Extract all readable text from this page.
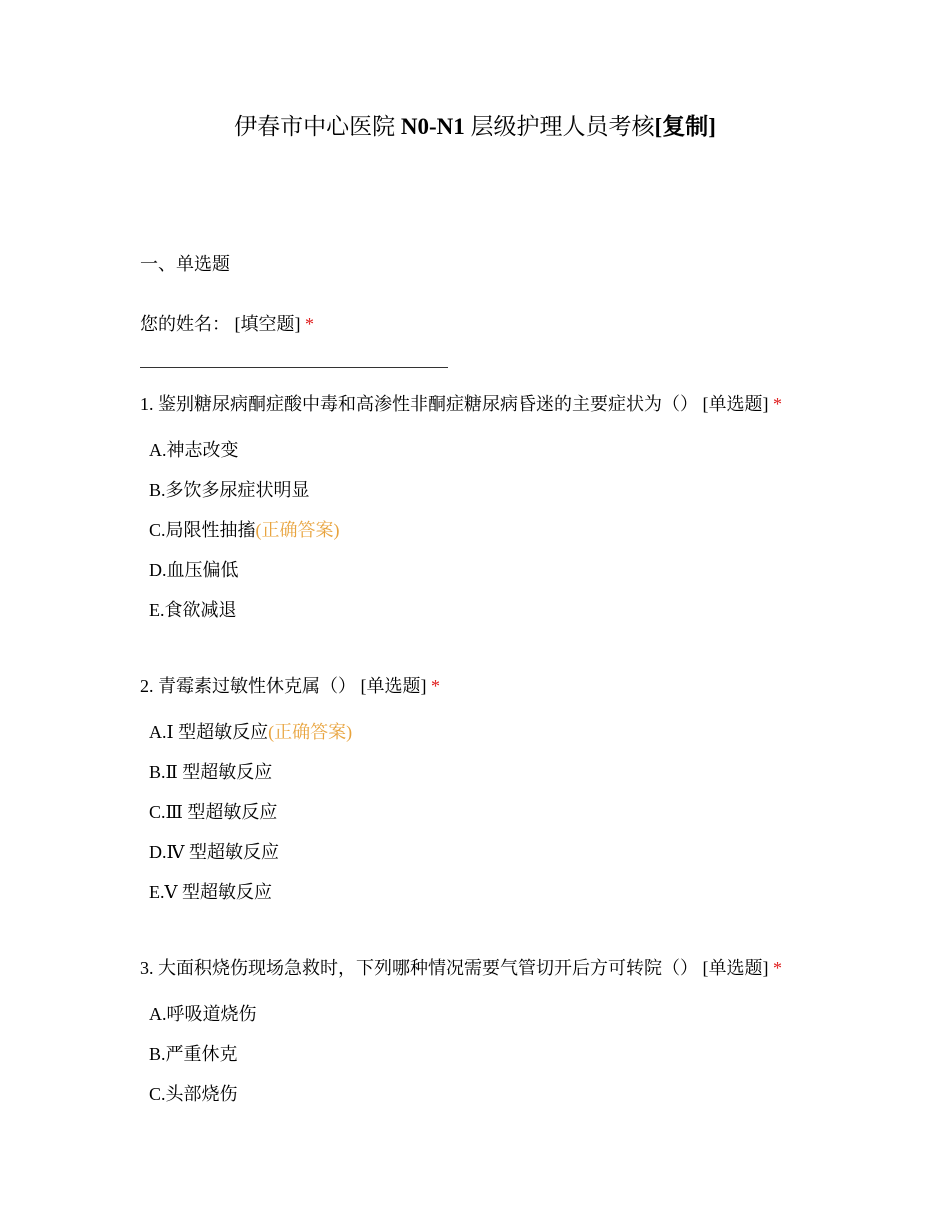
伊春市中心医院 N0-N1 层级护理人员考核[复制]
一、单选题
您的姓名： [填空题] *
1. 鉴别糖尿病酮症酸中毒和高渗性非酮症糖尿病昏迷的主要症状为（） [单选题] *
A.神志改变
B.多饮多尿症状明显
C.局限性抽搐(正确答案)
D.血压偏低
E.食欲减退
2. 青霉素过敏性休克属（） [单选题] *
A.Ⅰ 型超敏反应(正确答案)
B.Ⅱ 型超敏反应
C.Ⅲ 型超敏反应
D.Ⅳ 型超敏反应
E.Ⅴ 型超敏反应
3. 大面积烧伤现场急救时，下列哪种情况需要气管切开后方可转院（） [单选题] *
A.呼吸道烧伤
B.严重休克
C.头部烧伤
